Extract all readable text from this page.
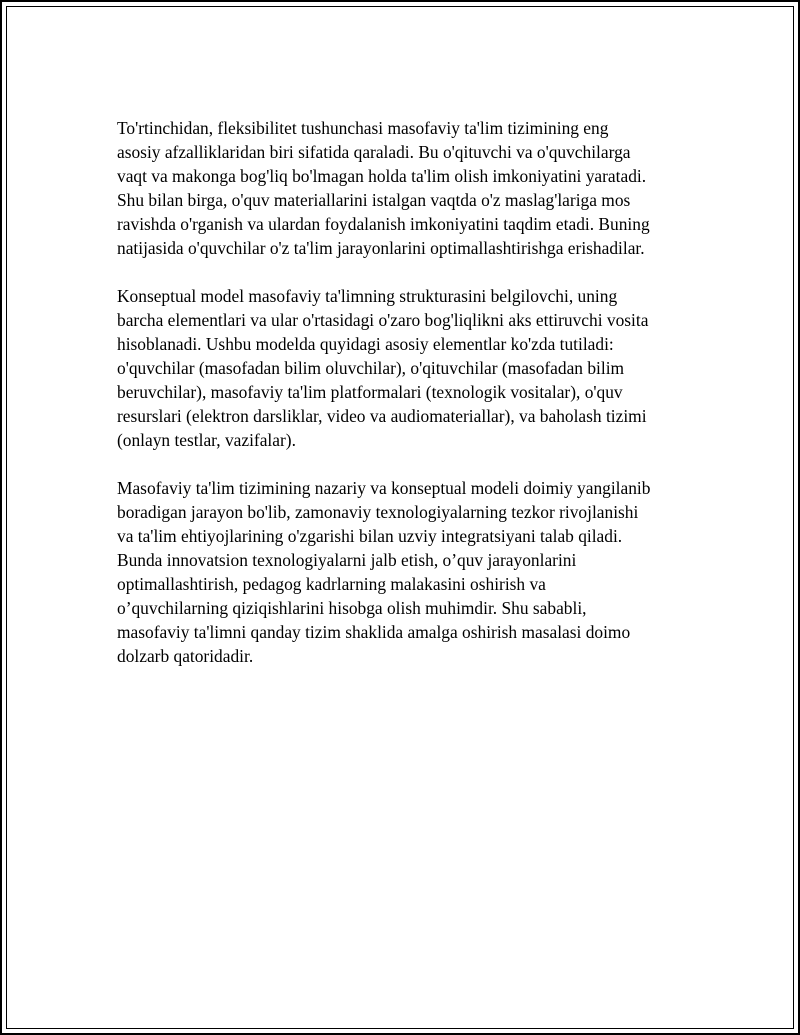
To'rtinchidan, fleksibilitet tushunchasi masofaviy ta'lim tizimining eng
asosiy afzalliklaridan biri sifatida qaraladi. Bu o'qituvchi va o'quvchilarga
vaqt va makonga bog'liq bo'lmagan holda ta'lim olish imkoniyatini yaratadi.
Shu bilan birga, o'quv materiallarini istalgan vaqtda o'z maslag'lariga mos
ravishda o'rganish va ulardan foydalanish imkoniyatini taqdim etadi. Buning
natijasida o'quvchilar o'z ta'lim jarayonlarini optimallashtirishga erishadilar.

Konseptual model masofaviy ta'limning strukturasini belgilovchi, uning
barcha elementlari va ular o'rtasidagi o'zaro bog'liqlikni aks ettiruvchi vosita
hisoblanadi. Ushbu modelda quyidagi asosiy elementlar ko'zda tutiladi:
o'quvchilar (masofadan bilim oluvchilar), o'qituvchilar (masofadan bilim
beruvchilar), masofaviy ta'lim platformalari (texnologik vositalar), o'quv
resurslari (elektron darsliklar, video va audiomateriallar), va baholash tizimi
(onlayn testlar, vazifalar).

Masofaviy ta'lim tizimining nazariy va konseptual modeli doimiy yangilanib
boradigan jarayon bo'lib, zamonaviy texnologiyalarning tezkor rivojlanishi
va ta'lim ehtiyojlarining o'zgarishi bilan uzviy integratsiyani talab qiladi.
Bunda innovatsion texnologiyalarni jalb etish, o’quv jarayonlarini
optimallashtirish, pedagog kadrlarning malakasini oshirish va
o’quvchilarning qiziqishlarini hisobga olish muhimdir. Shu sababli,
masofaviy ta'limni qanday tizim shaklida amalga oshirish masalasi doimo
dolzarb qatoridadir.
